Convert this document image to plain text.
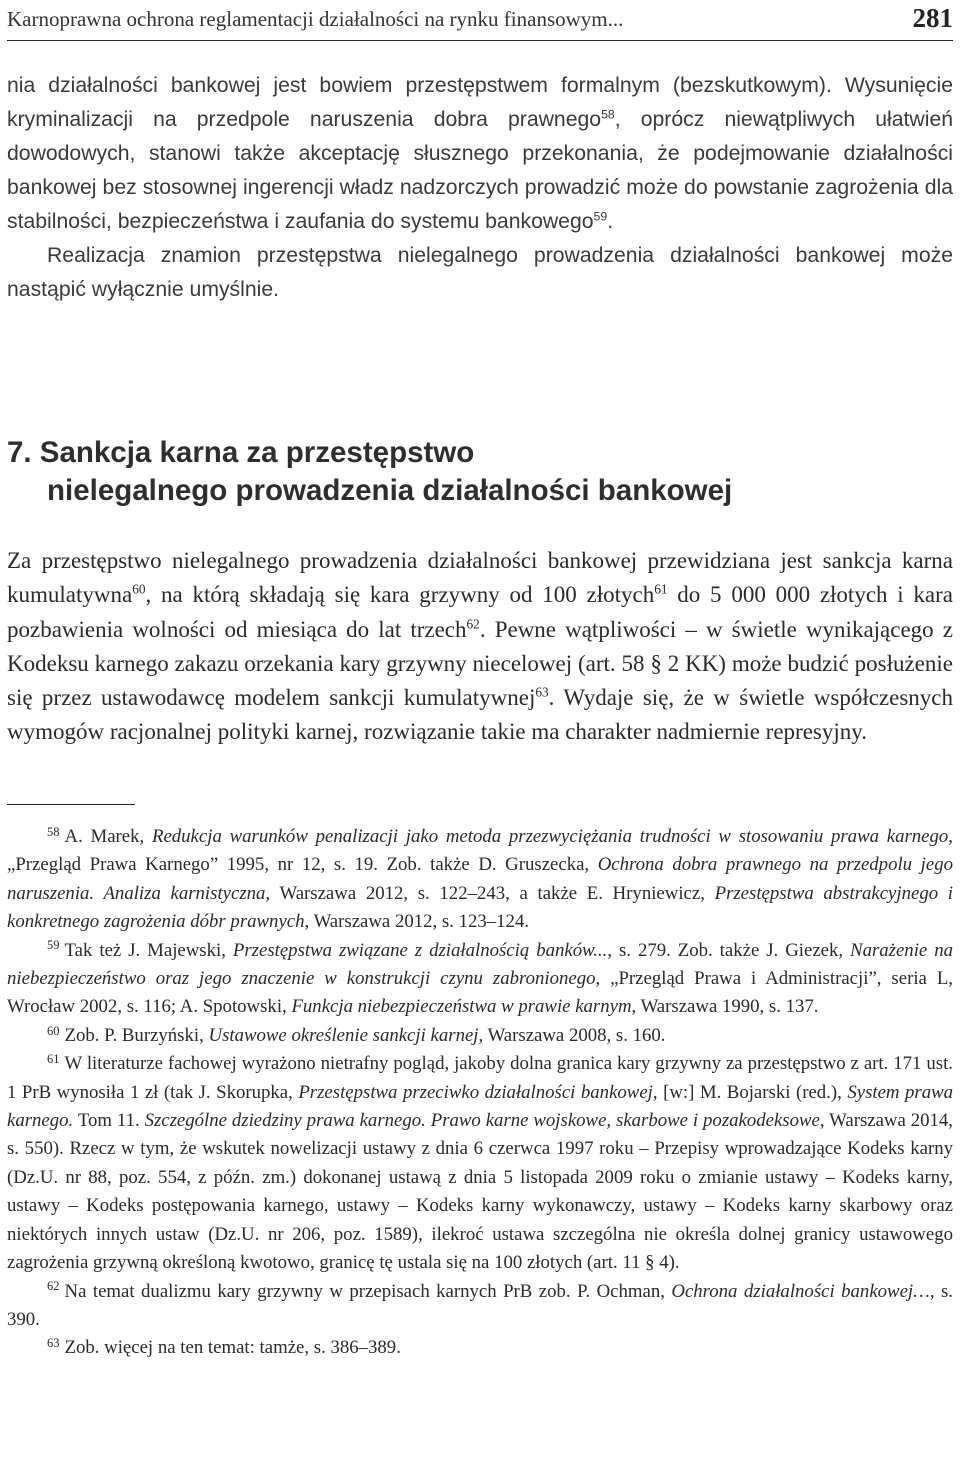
Karnoprawna ochrona reglamentacji działalności na rynku finansowym...	281

nia działalności bankowej jest bowiem przestępstwem formalnym (bezskutkowym). Wysunięcie kryminalizacji na przedpole naruszenia dobra prawnego$^{58}$, oprócz niewątpliwych ułatwień dowodowych, stanowi także akceptację słusznego przekonania, że podejmowanie działalności bankowej bez stosownej ingerencji władz nadzorczych prowadzić może do powstanie zagrożenia dla stabilności, bezpieczeństwa i zaufania do systemu bankowego$^{59}$.

Realizacja znamion przestępstwa nielegalnego prowadzenia działalności bankowej może nastąpić wyłącznie umyślnie.

7. Sankcja karna za przestępstwo
nielegalnego prowadzenia działalności bankowej

Za przestępstwo nielegalnego prowadzenia działalności bankowej przewidziana jest sankcja karna kumulatywna$^{60}$, na którą składają się kara grzywny od 100 złotych$^{61}$ do 5 000 000 złotych i kara pozbawienia wolności od miesiąca do lat trzech$^{62}$. Pewne wątpliwości – w świetle wynikającego z Kodeksu karnego zakazu orzekania kary grzywny niecelowej (art. 58 § 2 KK) może budzić posłużenie się przez ustawodawcę modelem sankcji kumulatywnej$^{63}$. Wydaje się, że w świetle współczesnych wymogów racjonalnej polityki karnej, rozwiązanie takie ma charakter nadmiernie represyjny.

$^{58}$ A. Marek, Redukcja warunków penalizacji jako metoda przezwyciężania trudności w stosowaniu prawa karnego, „Przegląd Prawa Karnego” 1995, nr 12, s. 19. Zob. także D. Gruszecka, Ochrona dobra prawnego na przedpolu jego naruszenia. Analiza karnistyczna, Warszawa 2012, s. 122–243, a także E. Hryniewicz, Przestępstwa abstrakcyjnego i konkretnego zagrożenia dóbr prawnych, Warszawa 2012, s. 123–124.

$^{59}$ Tak też J. Majewski, Przestępstwa związane z działalnością banków..., s. 279. Zob. także J. Giezek, Narażenie na niebezpieczeństwo oraz jego znaczenie w konstrukcji czynu zabronionego, „Przegląd Prawa i Administracji”, seria L, Wrocław 2002, s. 116; A. Spotowski, Funkcja niebezpieczeństwa w prawie karnym, Warszawa 1990, s. 137.

$^{60}$ Zob. P. Burzyński, Ustawowe określenie sankcji karnej, Warszawa 2008, s. 160.

$^{61}$ W literaturze fachowej wyrażono nietrafny pogląd, jakoby dolna granica kary grzywny za przestępstwo z art. 171 ust. 1 PrB wynosiła 1 zł (tak J. Skorupka, Przestępstwa przeciwko działalności bankowej, [w:] M. Bojarski (red.), System prawa karnego. Tom 11. Szczególne dziedziny prawa karnego. Prawo karne wojskowe, skarbowe i pozakodeksowe, Warszawa 2014, s. 550). Rzecz w tym, że wskutek nowelizacji ustawy z dnia 6 czerwca 1997 roku – Przepisy wprowadzające Kodeks karny (Dz.U. nr 88, poz. 554, z późn. zm.) dokonanej ustawą z dnia 5 listopada 2009 roku o zmianie ustawy – Kodeks karny, ustawy – Kodeks postępowania karnego, ustawy – Kodeks karny wykonawczy, ustawy – Kodeks karny skarbowy oraz niektórych innych ustaw (Dz.U. nr 206, poz. 1589), ilekroć ustawa szczególna nie określa dolnej granicy ustawowego zagrożenia grzywną określoną kwotowo, granicę tę ustala się na 100 złotych (art. 11 § 4).

$^{62}$ Na temat dualizmu kary grzywny w przepisach karnych PrB zob. P. Ochman, Ochrona działalności bankowej…, s. 390.

$^{63}$ Zob. więcej na ten temat: tamże, s. 386–389.
